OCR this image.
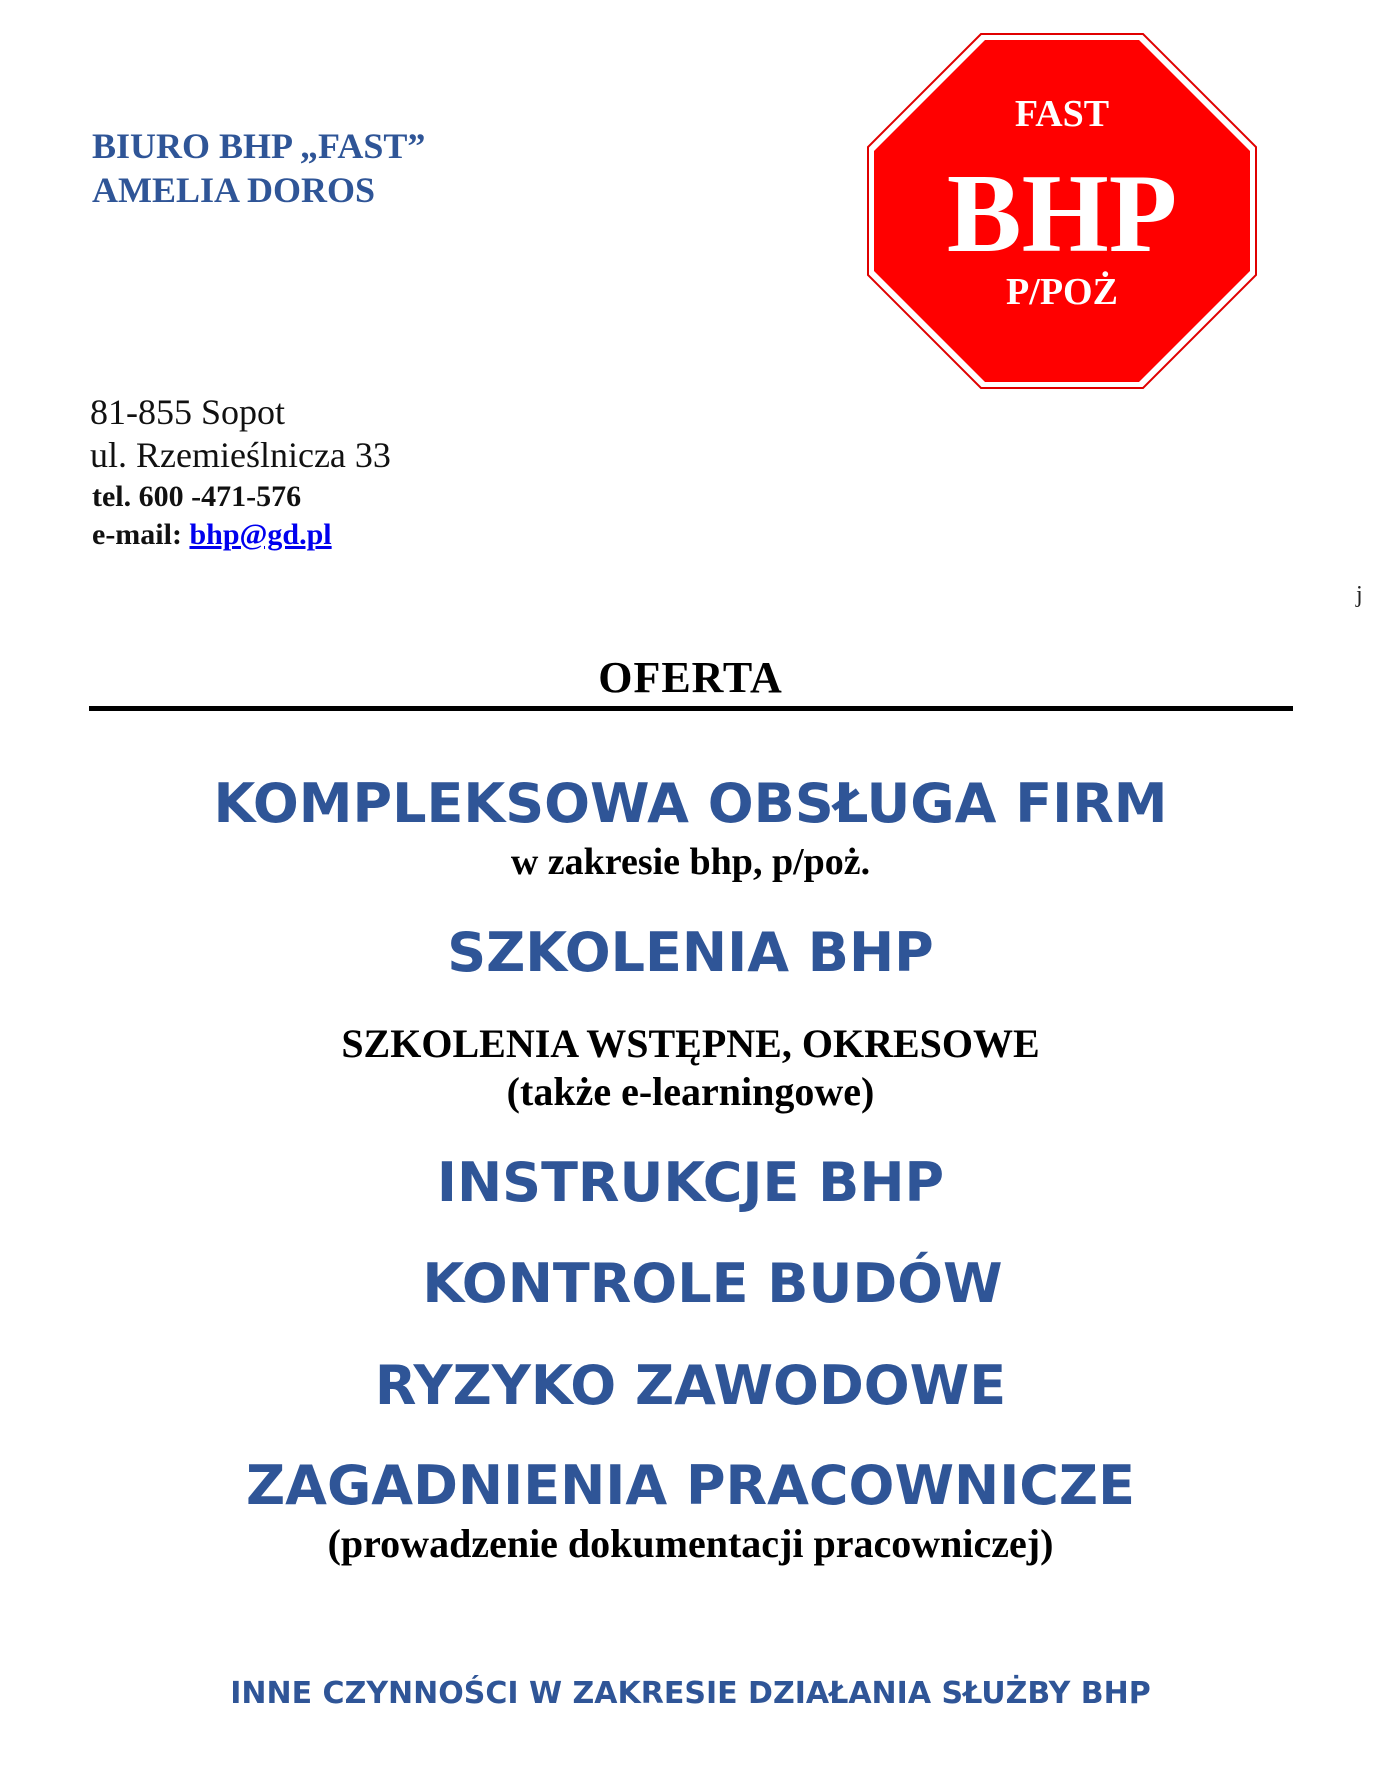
BIURO BHP „FAST”
AMELIA DOROS
FAST
BHP
P/POŻ
81-855 Sopot
ul. Rzemieślnicza 33
tel. 600 -471-576
e-mail: bhp@gd.pl
j
OFERTA
KOMPLEKSOWA OBSŁUGA FIRM
w zakresie bhp, p/poż.
SZKOLENIA BHP
SZKOLENIA WSTĘPNE, OKRESOWE
(także e-learningowe)
INSTRUKCJE BHP
KONTROLE BUDÓW
RYZYKO ZAWODOWE
ZAGADNIENIA PRACOWNICZE
(prowadzenie dokumentacji pracowniczej)
INNE CZYNNOŚCI W ZAKRESIE DZIAŁANIA SŁUŻBY BHP
